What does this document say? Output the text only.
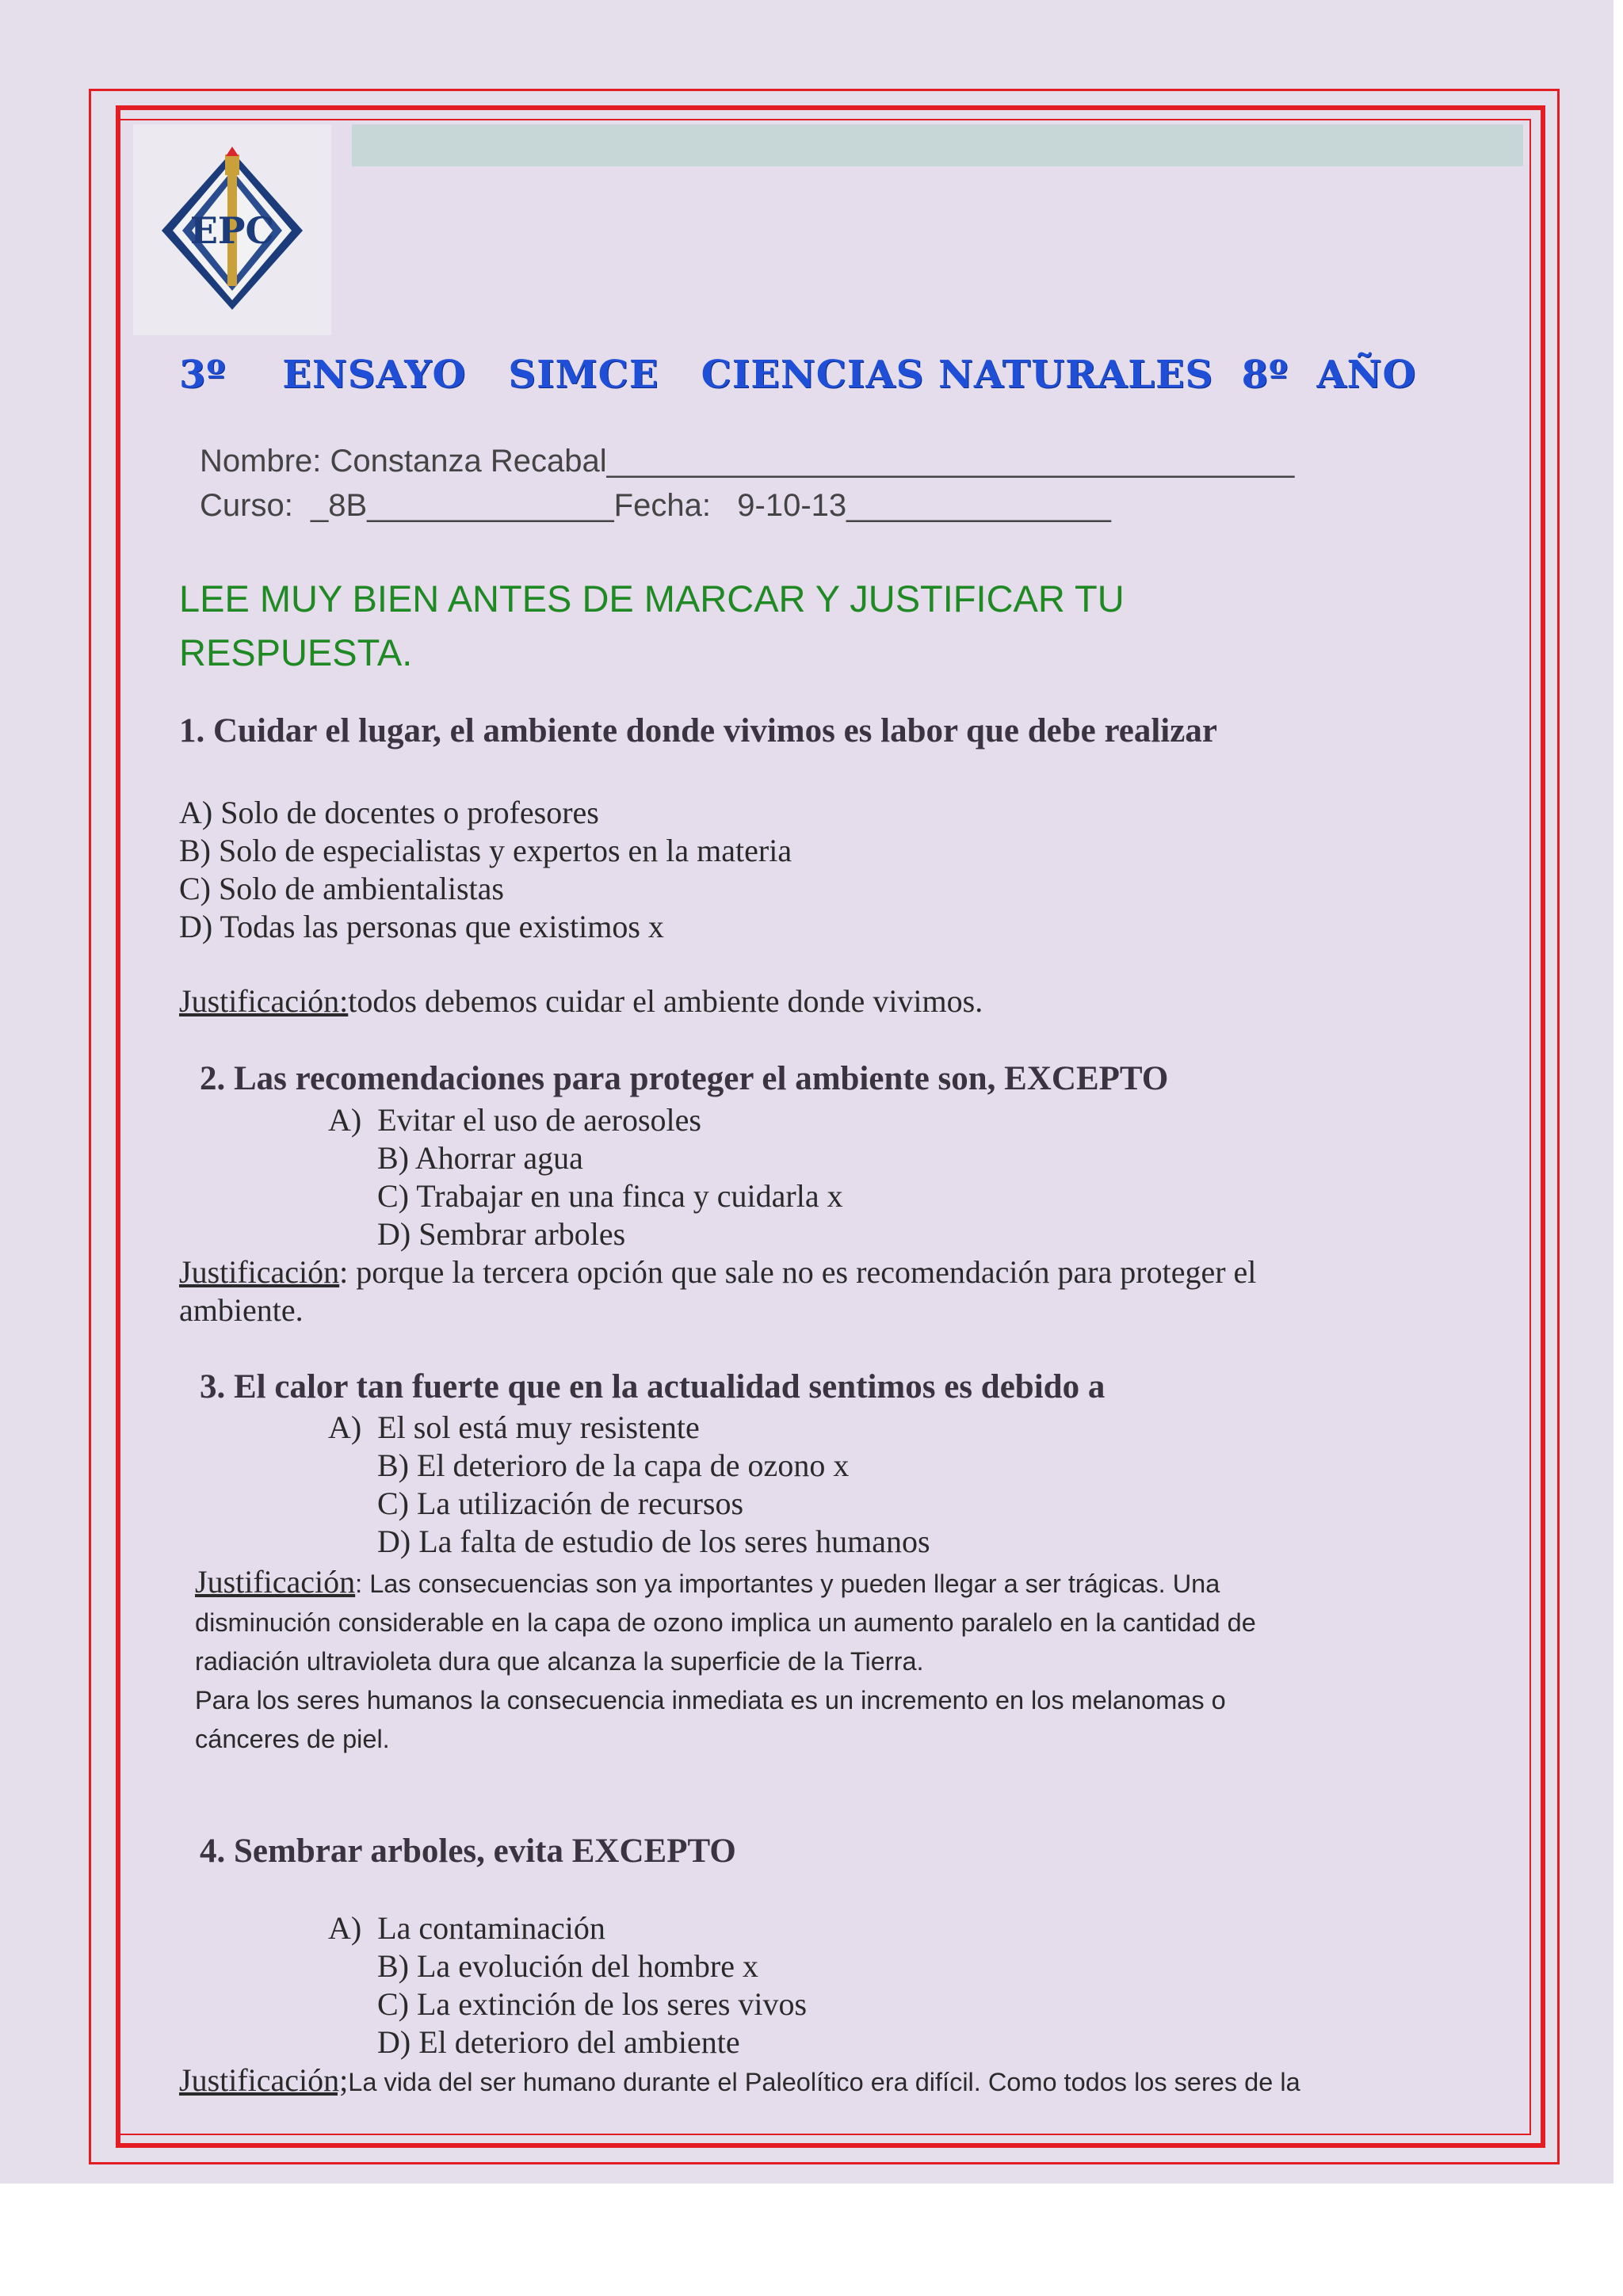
EPC
3º    ENSAYO   SIMCE   CIENCIAS NATURALES  8º  AÑO

Nombre: Constanza Recabal_______________________________________

Curso:  _8B______________Fecha:   9-10-13_______________

LEE MUY BIEN ANTES DE MARCAR Y JUSTIFICAR TU RESPUESTA.

1. Cuidar el lugar, el ambiente donde vivimos es labor que debe realizar

A) Solo de docentes o profesores

B) Solo de especialistas y expertos en la materia

C) Solo de ambientalistas

D) Todas las personas que existimos x

Justificación:todos debemos cuidar el ambiente donde vivimos.

2. Las recomendaciones para proteger el ambiente son, EXCEPTO

A)  Evitar el uso de aerosoles

B) Ahorrar agua

C) Trabajar en una finca y cuidarla x

D) Sembrar arboles

Justificación: porque la tercera opción que sale no es recomendación para proteger el ambiente.

3. El calor tan fuerte que en la actualidad sentimos es debido a

A)  El sol está muy resistente

B) El deterioro de la capa de ozono x

C) La utilización de recursos

D) La falta de estudio de los seres humanos

Justificación: Las consecuencias son ya importantes y pueden llegar a ser trágicas. Una disminución considerable en la capa de ozono implica un aumento paralelo en la cantidad de radiación ultravioleta dura que alcanza la superficie de la Tierra.

Para los seres humanos la consecuencia inmediata es un incremento en los melanomas o cánceres de piel.

4. Sembrar arboles, evita EXCEPTO

A)  La contaminación

B) La evolución del hombre x

C) La extinción de los seres vivos

D) El deterioro del ambiente

Justificación;La vida del ser humano durante el Paleolítico era difícil. Como todos los seres de la
